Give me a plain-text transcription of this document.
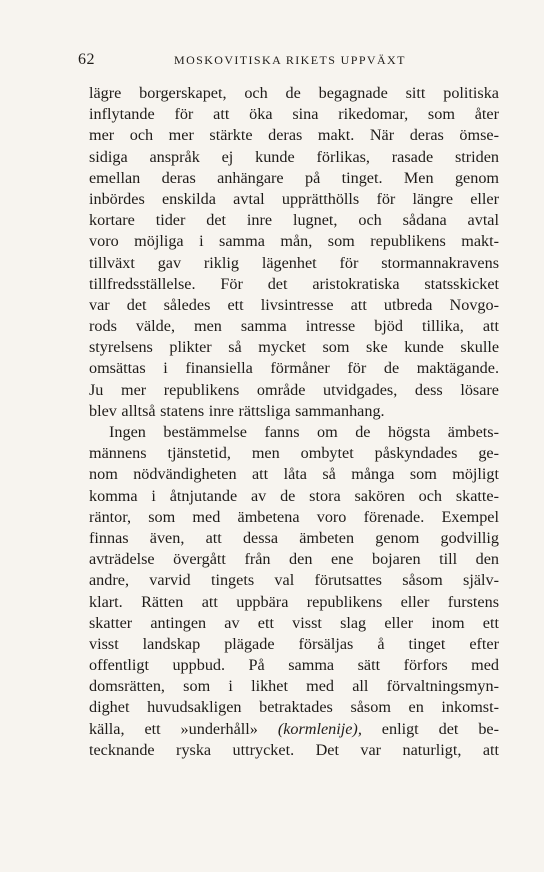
62	MOSKOVITISKA RIKETS UPPVÄXT
lägre borgerskapet, och de begagnade sitt politiska
inflytande för att öka sina rikedomar, som åter
mer och mer stärkte deras makt. När deras ömse-
sidiga anspråk ej kunde förlikas, rasade striden
emellan deras anhängare på tinget. Men genom
inbördes enskilda avtal upprätthölls för längre eller
kortare tider det inre lugnet, och sådana avtal
voro möjliga i samma mån, som republikens makt-
tillväxt gav riklig lägenhet för stormannakravens
tillfredsställelse. För det aristokratiska statsskicket
var det således ett livsintresse att utbreda Novgo-
rods välde, men samma intresse bjöd tillika, att
styrelsens plikter så mycket som ske kunde skulle
omsättas i finansiella förmåner för de maktägande.
Ju mer republikens område utvidgades, dess lösare
blev alltså statens inre rättsliga sammanhang.
Ingen bestämmelse fanns om de högsta ämbets-
männens tjänstetid, men ombytet påskyndades ge-
nom nödvändigheten att låta så många som möjligt
komma i åtnjutande av de stora sakören och skatte-
räntor, som med ämbetena voro förenade. Exempel
finnas även, att dessa ämbeten genom godvillig
avträdelse övergått från den ene bojaren till den
andre, varvid tingets val förutsattes såsom själv-
klart. Rätten att uppbära republikens eller furstens
skatter antingen av ett visst slag eller inom ett
visst landskap plägade försäljas å tinget efter
offentligt uppbud. På samma sätt förfors med
domsrätten, som i likhet med all förvaltningsmyn-
dighet huvudsakligen betraktades såsom en inkomst-
källa, ett »underhåll» (kormlenije), enligt det be-
tecknande ryska uttrycket. Det var naturligt, att
